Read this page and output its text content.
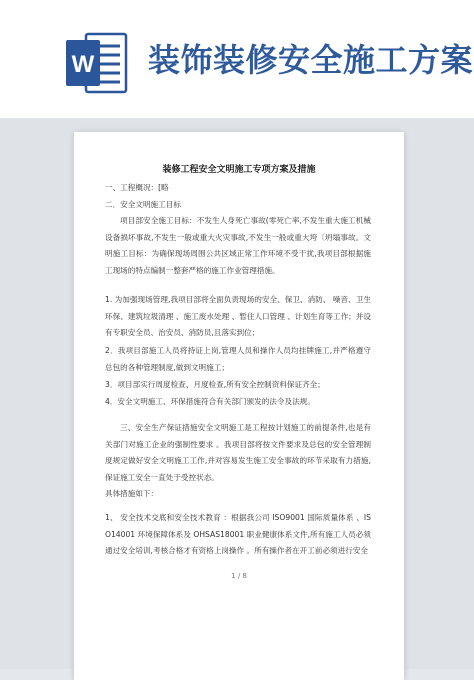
W 装饰装修安全施工方案
装修工程安全文明施工专项方案及措施
一、工程概况：[略
二．安全文明施工目标
项目部安全施工目标：不发生人身死亡事故(零死亡率,不发生重大施工机械设备损坏事故,不发生一般或重大火灾事故,不发生一般或重大垮〔坍塌事故。文明施工目标：为确保现场周围公共区域正常工作环境不受干扰,我项目部根据施工现场的特点编制一整套严格的施工作业管理措施。
1. 为加强现场管理,我项目部将全面负责现场的安全、保卫、消防、 噪音、卫生环保、建筑垃圾清理 、施工废水处理 、暂住人口管理 、计划生育等工作；并设有专职安全员、治安员、消防员,且落实到位；
2．我项目部施工人员将持证上岗,管理人员和操作人员均挂牌施工,并严格遵守总包的各种管理制度,做到文明施工；
3．项目部实行周度检查、月度检查,所有安全控制资料保证齐全；
4．安全文明施工、环保措施符合有关部门颁发的法令及法规。
三、安全生产保证措施安全文明施工是工程按计划施工的前提条件,也是有关部门对施工企业的强制性要求 。我项目部将按文件要求及总包的安全管理制度规定做好安全文明施工工作,并对容易发生施工安全事故的环节采取有力措施,保证施工安全一直处于受控状态。
具体措施如下：
1、 安全技术交底和安全技术教育 ：根据我公司 ISO9001 国际质量体系 、ISO14001 环境保障体系及 OHSAS18001 职业健康体系文件,所有施工人员必须通过安全培训,考核合格才有资格上岗操作 。所有操作者在开工前必须进行安全
1 / 8
